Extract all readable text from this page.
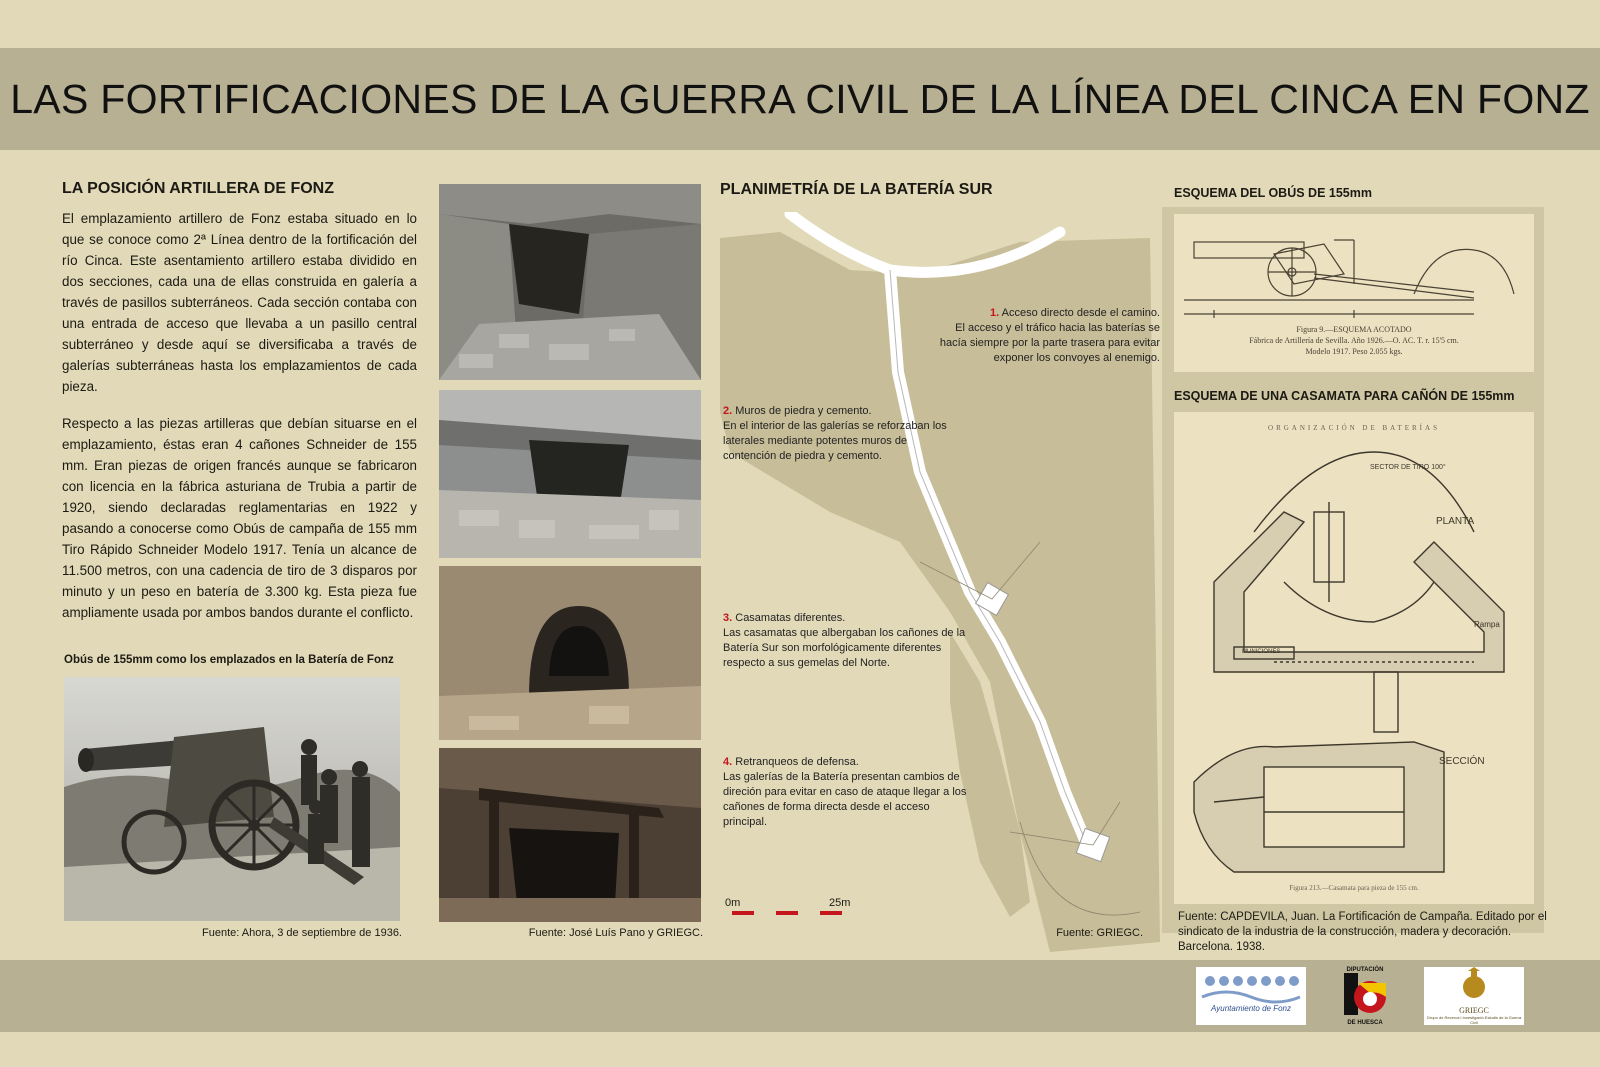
LAS FORTIFICACIONES DE LA GUERRA CIVIL DE LA LÍNEA DEL CINCA EN FONZ
LA POSICIÓN ARTILLERA DE FONZ

El emplazamiento artillero de Fonz estaba situado en lo que se conoce como 2ª Línea dentro de la fortificación del río Cinca. Este asentamiento artillero estaba dividido en dos secciones, cada una de ellas construida en galería a través de pasillos subterráneos. Cada sección contaba con una entrada de acceso que llevaba a un pasillo central subterráneo y desde aquí se diversificaba a través de galerías subterráneas hasta los emplazamientos de cada pieza.

Respecto a las piezas artilleras que debían situarse en el emplazamiento, éstas eran 4 cañones Schneider de 155 mm. Eran piezas de origen francés aunque se fabricaron con licencia en la fábrica asturiana de Trubia a partir de 1920, siendo declaradas reglamentarias en 1922 y pasando a conocerse como Obús de campaña de 155 mm Tiro Rápido Schneider Modelo 1917. Tenía un alcance de 11.500 metros, con una cadencia de tiro de 3 disparos por minuto y un peso en batería de 3.300 kg. Esta pieza fue ampliamente usada por ambos bandos durante el conflicto.

Obús de 155mm como los emplazados en la Batería de Fonz
Fuente: Ahora, 3 de septiembre de 1936.	Fuente: José Luís Pano y GRIEGC.
PLANIMETRÍA DE LA BATERÍA SUR
1. Acceso directo desde el camino.
El acceso y el tráfico hacia las baterías se hacía siempre por la parte trasera para evitar exponer los convoyes al enemigo.
2. Muros de piedra y cemento.
En el interior de las galerías se reforzaban los laterales mediante potentes muros de contención de piedra y cemento.
3. Casamatas diferentes.
Las casamatas que albergaban los cañones de la Batería Sur son morfológicamente diferentes respecto a sus gemelas del Norte.
4. Retranqueos de defensa.
Las galerías de la Batería presentan cambios de direción para evitar en caso de ataque llegar a los cañones de forma directa desde el acceso principal.
0m	25m
Fuente: GRIEGC.
ESQUEMA DEL OBÚS DE 155mm
Figura 9.—ESQUEMA ACOTADO
Fábrica de Artillería de Sevilla. Año 1926.—O. AC. T. r. 15'5 cm.
Modelo 1917. Peso 2.055 kgs.
ESQUEMA DE UNA CASAMATA PARA CAÑÓN DE 155mm
ORGANIZACIÓN DE BATERÍAS
SECTOR DE TIRO 100°
PLANTA
Rampa
MUNICIONES
SECCIÓN
Figura 213.—Casamata para pieza de 155 cm.
Fuente: CAPDEVILA, Juan. La Fortificación de Campaña. Editado por el sindicato de la industria de la construcción, madera y decoración. Barcelona. 1938.
Ayuntamiento de Fonz
DIPUTACIÓN
DE HUESCA
GRIEGC
Grupo de Recerca i Investigació Estudis de la Guerra Civil
